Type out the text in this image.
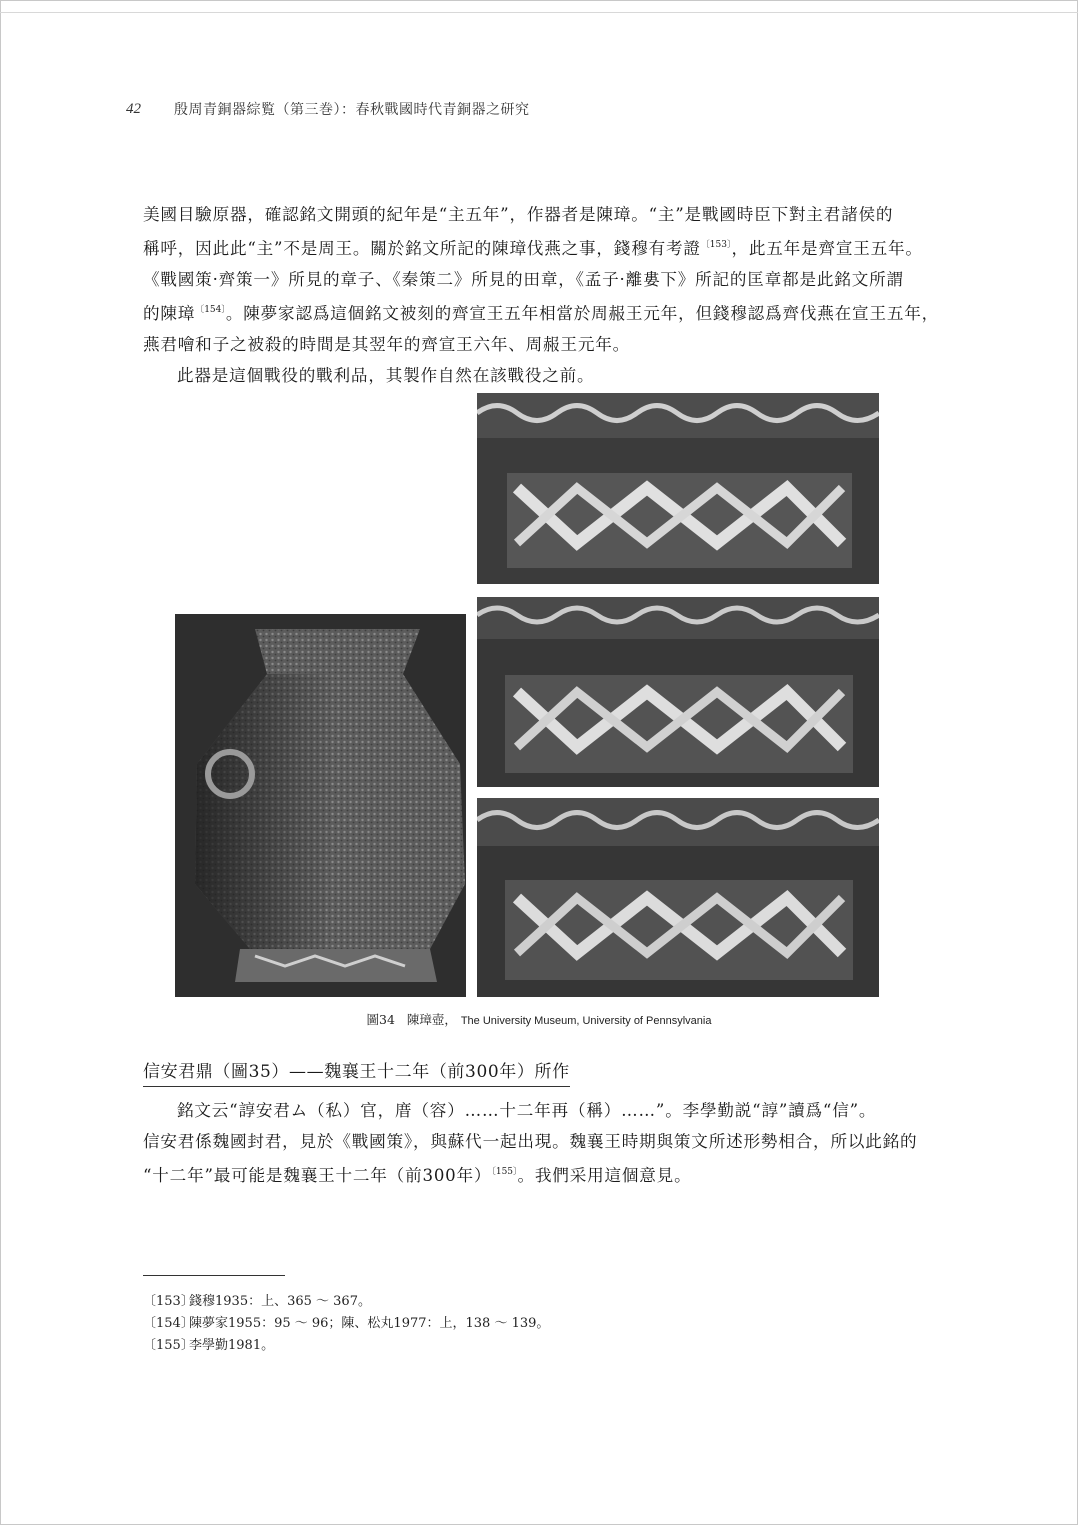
42	殷周青銅器綜覧（第三巻）：春秋戰國時代青銅器之研究
美國目驗原器，確認銘文開頭的紀年是“主五年”，作器者是陳璋。“主”是戰國時臣下對主君諸侯的
稱呼，因此此“主”不是周王。關於銘文所記的陳璋伐燕之事，錢穆有考證$^{〔153〕}$，此五年是齊宣王五年。
《戰國策·齊策一》所見的章子、《秦策二》所見的田章，《孟子·離婁下》所記的匡章都是此銘文所謂
的陳璋$^{〔154〕}$。陳夢家認爲這個銘文被刻的齊宣王五年相當於周赧王元年，但錢穆認爲齊伐燕在宣王五年，
燕君噲和子之被殺的時間是其翌年的齊宣王六年、周赧王元年。
此器是這個戰役的戰利品，其製作自然在該戰役之前。
圖34 陳璋壺， The University Museum, University of Pennsylvania
信安君鼎（圖35）——魏襄王十二年（前300年）所作
銘文云“諄安君ム（私）官，庴（容）……十二年再（稱）……”。李學勤説“諄”讀爲“信”。
信安君係魏國封君，見於《戰國策》，與蘇代一起出現。魏襄王時期與策文所述形勢相合，所以此銘的
“十二年”最可能是魏襄王十二年（前300年）$^{〔155〕}$。我們采用這個意見。
〔153〕錢穆1935：上、365 ～ 367。
〔154〕陳夢家1955：95 ～ 96；陳、松丸1977：上，138 ～ 139。
〔155〕李學勤1981。
